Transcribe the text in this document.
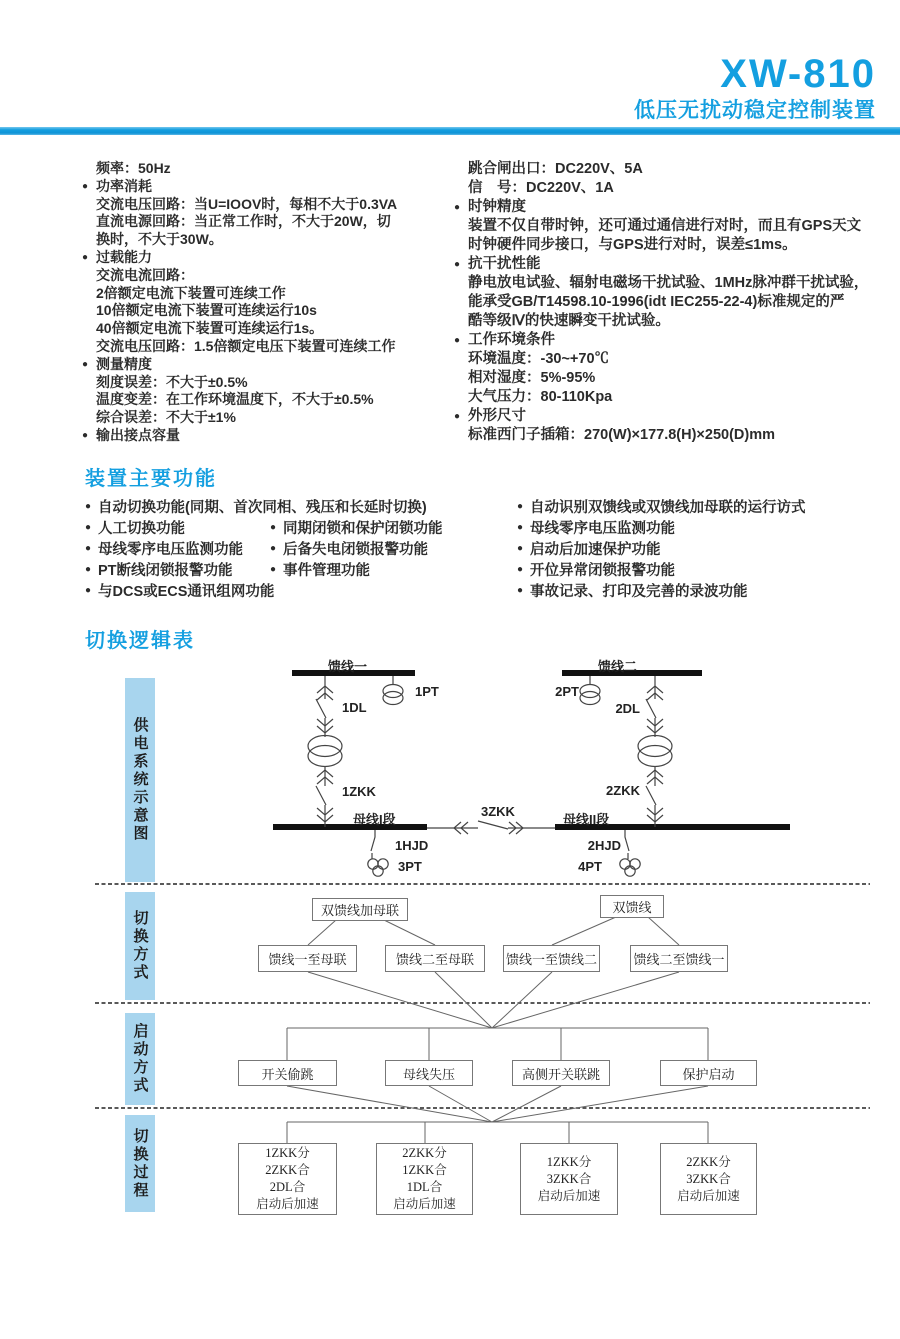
XW-810
低压无扰动稳定控制装置
频率：50Hz
● 功率消耗
交流电压回路：当U=IOOV时，每相不大于0.3VA
直流电源回路：当正常工作时，不大于20W，切
换时，不大于30W。
● 过载能力
交流电流回路：
2倍额定电流下装置可连续工作
10倍额定电流下装置可连续运行10s
40倍额定电流下装置可连续运行1s。
交流电压回路：1.5倍额定电压下装置可连续工作
● 测量精度
刻度误差：不大于±0.5%
温度变差：在工作环境温度下，不大于±0.5%
综合误差：不大于±1%
● 输出接点容量
跳合闸出口：DC220V、5A
信　号：DC220V、1A
● 时钟精度
装置不仅自带时钟，还可通过通信进行对时，而且有GPS天文
时钟硬件同步接口，与GPS进行对时，误差≤1ms。
● 抗干扰性能
静电放电试验、辐射电磁场干扰试验、1MHz脉冲群干扰试验，
能承受GB/T14598.10-1996(idt IEC255-22-4)标准规定的严
酷等级Ⅳ的快速瞬变干扰试验。
● 工作环境条件
环境温度：-30~+70℃
相对湿度：5%-95%
大气压力：80-110Kpa
● 外形尺寸
标准西门子插箱：270(W)×177.8(H)×250(D)mm
装置主要功能
● 自动切换功能(同期、首次同相、残压和长延时切换)
● 人工切换功能	● 同期闭锁和保护闭锁功能
● 母线零序电压监测功能	● 后备失电闭锁报警功能
● PT断线闭锁报警功能	● 事件管理功能
● 与DCS或ECS通讯组网功能
● 自动识别双馈线或双馈线加母联的运行访式
● 母线零序电压监测功能
● 启动后加速保护功能
● 开位异常闭锁报警功能
● 事故记录、打印及完善的录波功能
切换逻辑表
供电系统示意图
切换方式
启动方式
切换过程
馈线一	馈线二
1PT	2PT
1DL	2DL
1ZKK	2ZKK
3ZKK
母线I段	母线II段
1HJD	2HJD
3PT	4PT
双馈线加母联	双馈线
馈线一至母联	馈线二至母联	馈线一至馈线二	馈线二至馈线一
开关偷跳	母线失压	高侧开关联跳	保护启动
1ZKK分
2ZKK合
2DL合
启动后加速
2ZKK分
1ZKK合
1DL合
启动后加速
1ZKK分
3ZKK合
启动后加速
2ZKK分
3ZKK合
启动后加速
